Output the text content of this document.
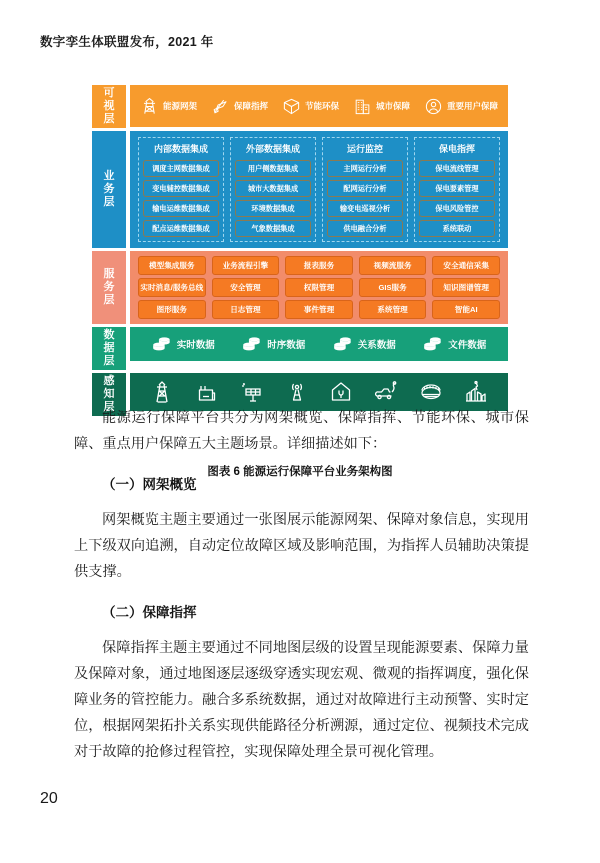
数字孪生体联盟发布，2021 年
可
视
层
能源网架	保障指挥	节能环保	城市保障	重要用户保障
业
务
层
内部数据集成
调度主网数据集成
变电辅控数据集成
输电运维数据集成
配点运维数据集成
外部数据集成
用户侧数据集成
城市大数据集成
环境数据集成
气象数据集成
运行监控
主网运行分析
配网运行分析
输变电巡视分析
供电融合分析
保电指挥
保电流线管理
保电要素管理
保电风险管控
系统联动
服
务
层
模型集成服务	业务流程引擎	报表服务	视频流服务	安全通信采集
实时消息/服务总线	安全管理	权限管理	GIS服务	知识图谱管理
图形服务	日志管理	事件管理	系统管理	智能AI
数
据
层
实时数据	时序数据	关系数据	文件数据
感
知
层
图表 6 能源运行保障平台业务架构图

能源运行保障平台共分为网架概览、保障指挥、节能环保、城市保障、重点用户保障五大主题场景。详细描述如下：

（一）网架概览

网架概览主题主要通过一张图展示能源网架、保障对象信息，实现用上下级双向追溯，自动定位故障区域及影响范围，为指挥人员辅助决策提供支撑。

（二）保障指挥

保障指挥主题主要通过不同地图层级的设置呈现能源要素、保障力量及保障对象，通过地图逐层逐级穿透实现宏观、微观的指挥调度，强化保障业务的管控能力。融合多系统数据，通过对故障进行主动预警、实时定位，根据网架拓扑关系实现供能路径分析溯源，通过定位、视频技术完成对于故障的抢修过程管控，实现保障处理全景可视化管理。

20
